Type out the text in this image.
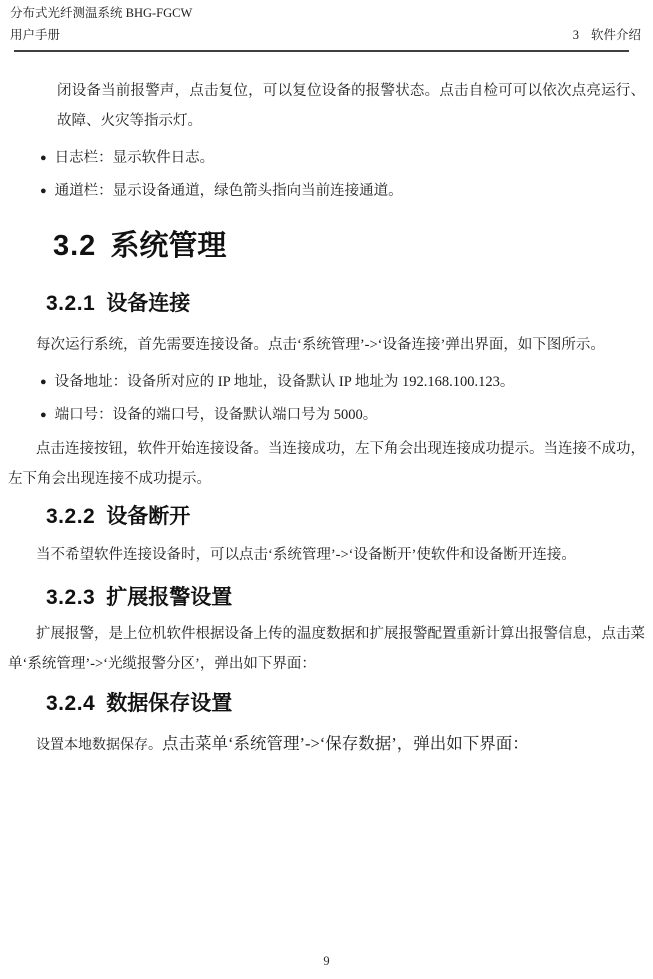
分布式光纤测温系统 BHG-FGCW
用户手册	3 软件介绍
闭设备当前报警声，点击复位，可以复位设备的报警状态。点击自检可可以依次点亮运行、故障、火灾等指示灯。
● 日志栏：显示软件日志。
● 通道栏：显示设备通道，绿色箭头指向当前连接通道。
3.2 系统管理
3.2.1 设备连接
每次运行系统，首先需要连接设备。点击‘系统管理’->‘设备连接’弹出界面，如下图所示。
● 设备地址：设备所对应的 IP 地址，设备默认 IP 地址为 192.168.100.123。
● 端口号：设备的端口号，设备默认端口号为 5000。
点击连接按钮，软件开始连接设备。当连接成功，左下角会出现连接成功提示。当连接不成功，左下角会出现连接不成功提示。
3.2.2 设备断开
当不希望软件连接设备时，可以点击‘系统管理’->‘设备断开’使软件和设备断开连接。
3.2.3 扩展报警设置
扩展报警，是上位机软件根据设备上传的温度数据和扩展报警配置重新计算出报警信息，点击菜单‘系统管理’->‘光缆报警分区’，弹出如下界面：
3.2.4 数据保存设置
设置本地数据保存。点击菜单‘系统管理’->‘保存数据’，弹出如下界面：
9
